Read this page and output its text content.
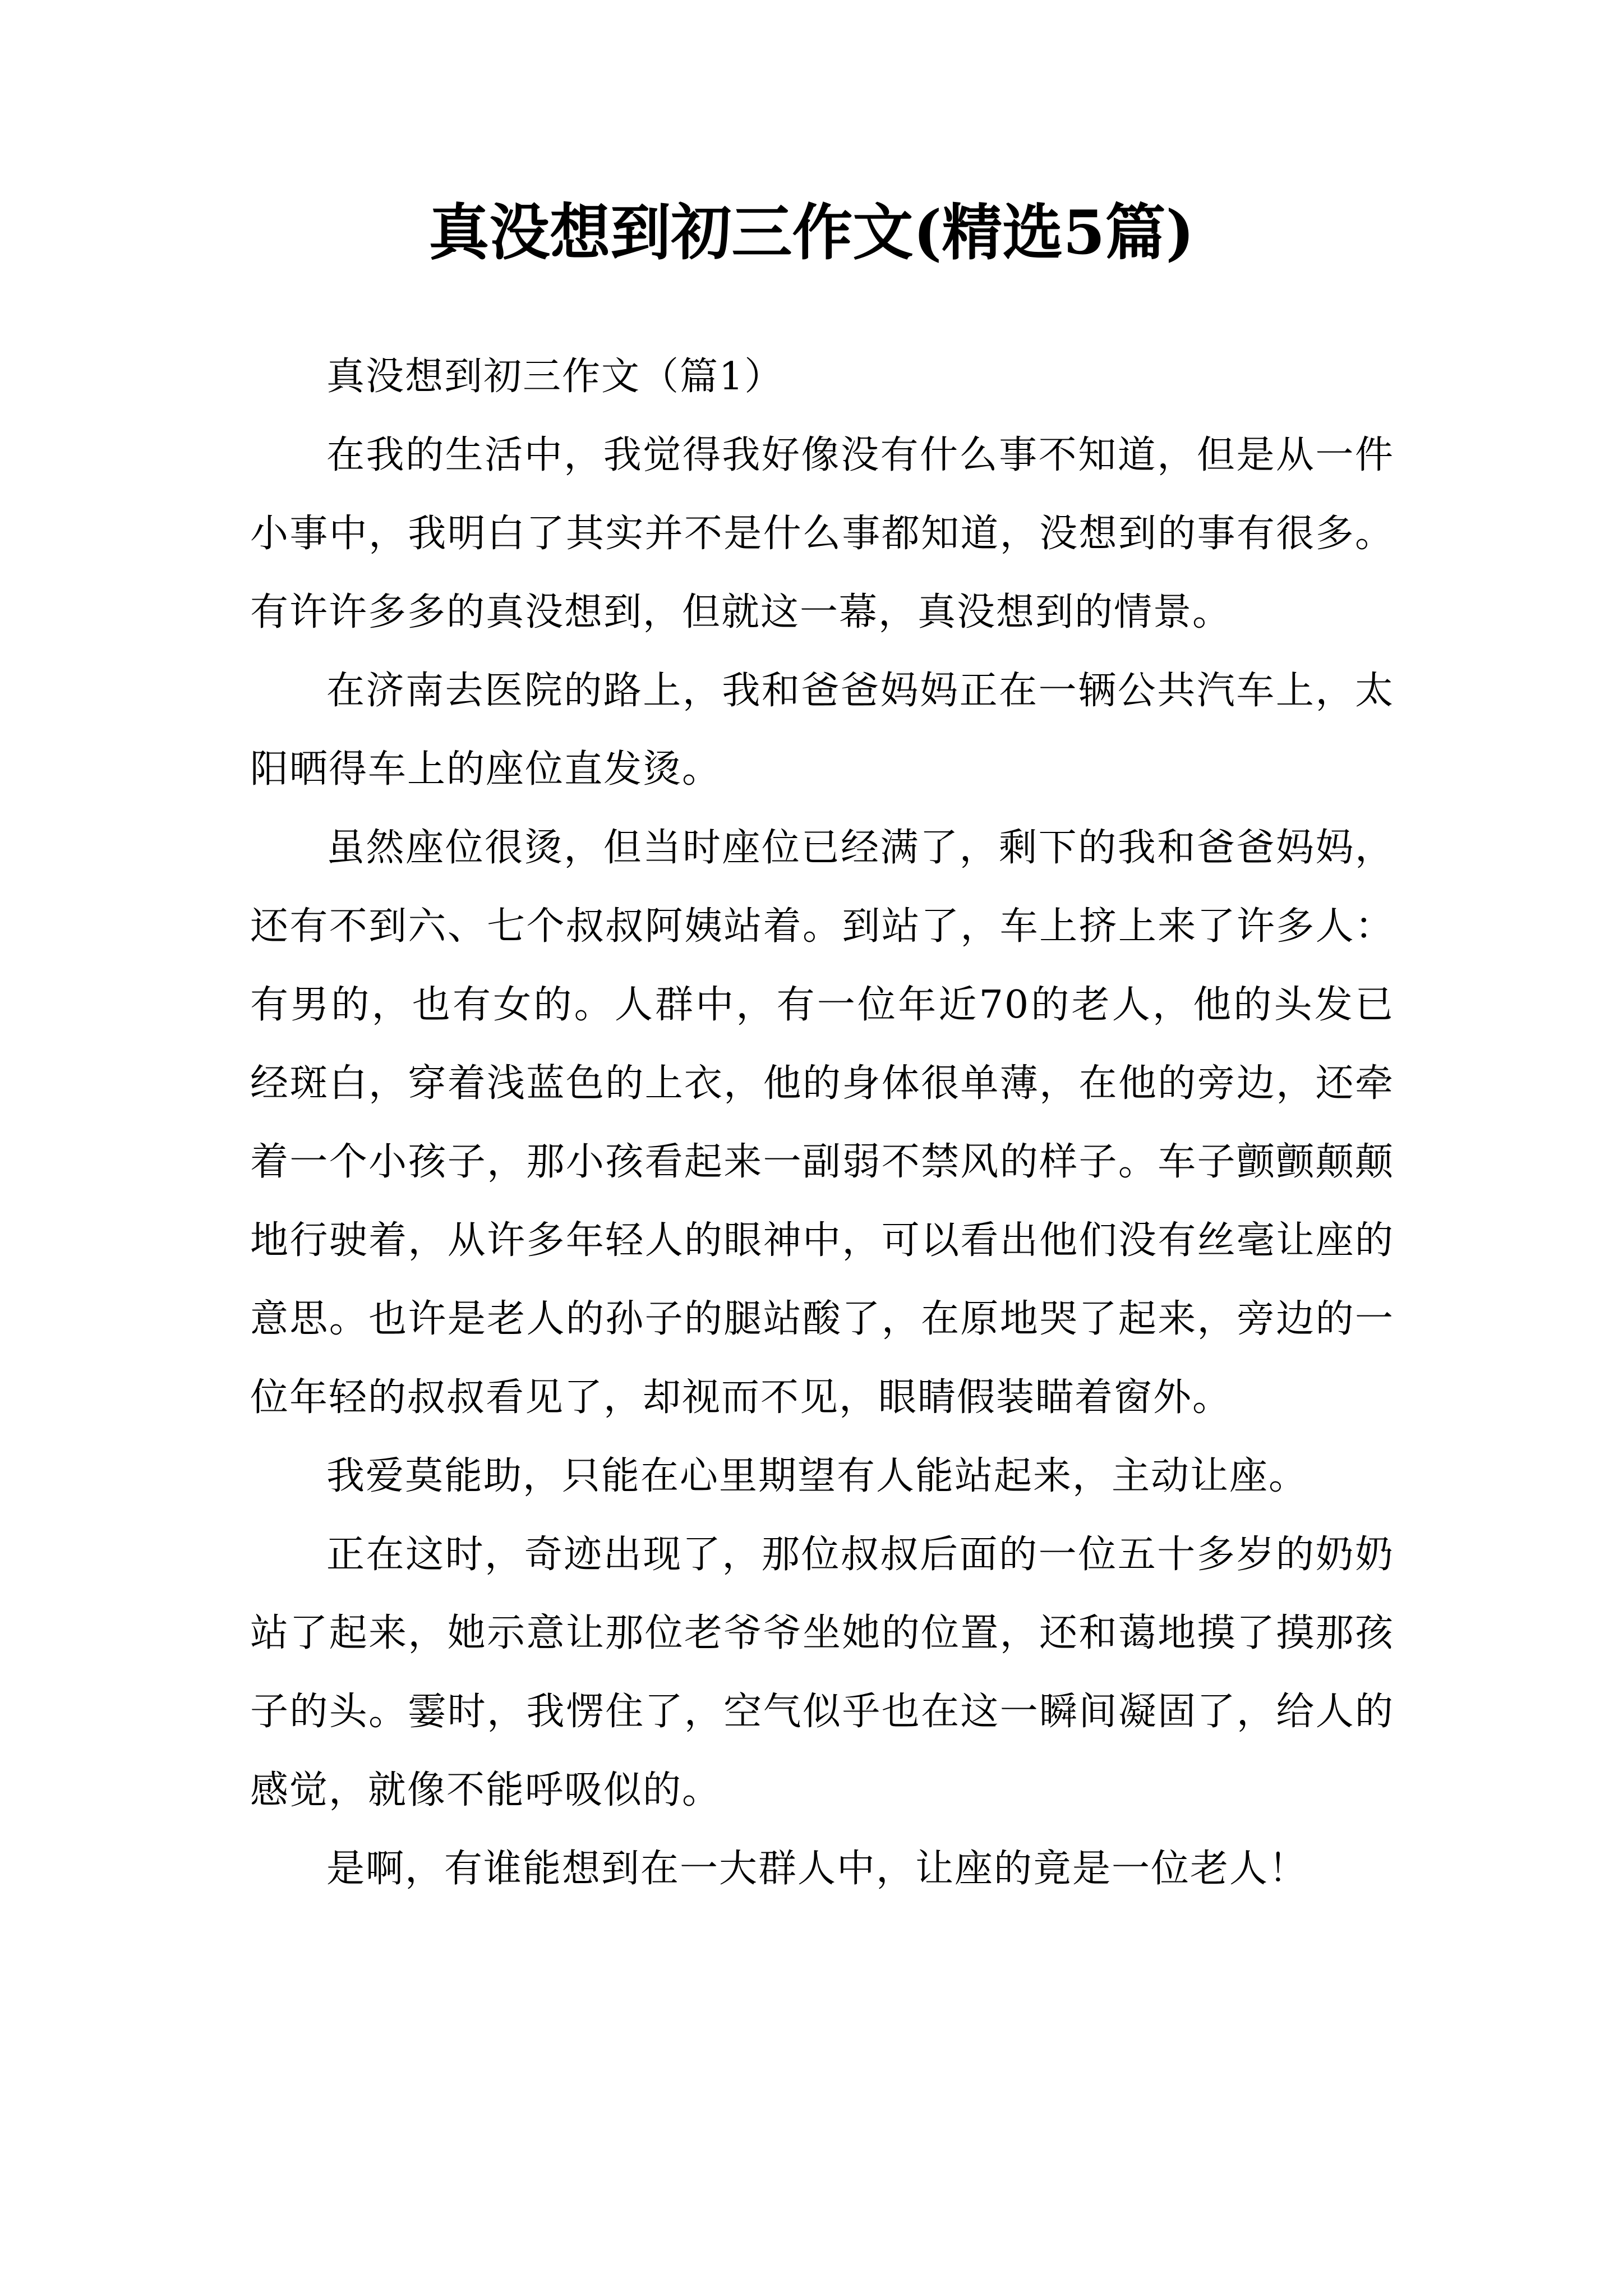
真没想到初三作文(精选5篇)

真没想到初三作文（篇1）

在我的生活中，我觉得我好像没有什么事不知道，但是从一件小事中，我明白了其实并不是什么事都知道，没想到的事有很多。有许许多多的真没想到，但就这一幕，真没想到的情景。

在济南去医院的路上，我和爸爸妈妈正在一辆公共汽车上，太阳晒得车上的座位直发烫。

虽然座位很烫，但当时座位已经满了，剩下的我和爸爸妈妈，还有不到六、七个叔叔阿姨站着。到站了，车上挤上来了许多人：有男的，也有女的。人群中，有一位年近70的老人，他的头发已经斑白，穿着浅蓝色的上衣，他的身体很单薄，在他的旁边，还牵着一个小孩子，那小孩看起来一副弱不禁风的样子。车子颤颤颠颠地行驶着，从许多年轻人的眼神中，可以看出他们没有丝毫让座的意思。也许是老人的孙子的腿站酸了，在原地哭了起来，旁边的一位年轻的叔叔看见了，却视而不见，眼睛假装瞄着窗外。

我爱莫能助，只能在心里期望有人能站起来，主动让座。

正在这时，奇迹出现了，那位叔叔后面的一位五十多岁的奶奶站了起来，她示意让那位老爷爷坐她的位置，还和蔼地摸了摸那孩子的头。霎时，我愣住了，空气似乎也在这一瞬间凝固了，给人的感觉，就像不能呼吸似的。

是啊，有谁能想到在一大群人中，让座的竟是一位老人！
